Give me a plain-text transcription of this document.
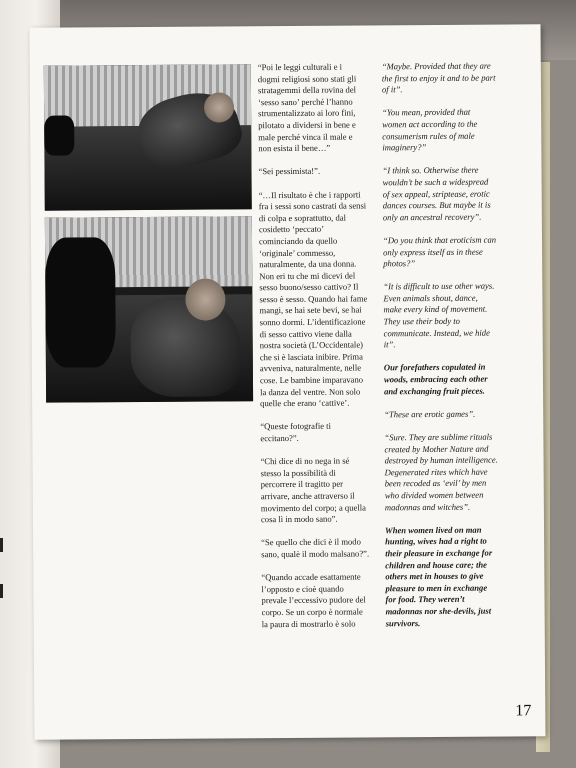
“Poi le leggi culturali e i dogmi religiosi sono stati gli stratagemmi della rovina del ‘sesso sano’ perché l’hanno strumentalizzato ai loro fini, pilotato a dividersi in bene e male perché vinca il male e non esista il bene…”

“Sei pessimista!”.

“…Il risultato è che i rapporti fra i sessi sono castrati da sensi di colpa e soprattutto, dal cosidetto ‘peccato’ cominciando da quello ‘originale’ commesso, naturalmente, da una donna. Non eri tu che mi dicevi del sesso buono/sesso cattivo? Il sesso è sesso. Quando hai fame mangi, se hai sete bevi, se hai sonno dormi. L’identificazione di sesso cattivo viene dalla nostra società (L’Occidentale) che si è lasciata inibire. Prima avveniva, naturalmente, nelle cose. Le bambine imparavano la danza del ventre. Non solo quelle che erano ‘cattive’.

“Queste fotografie ti eccitano?”.

“Chi dice di no nega in sé stesso la possibilità di percorrere il tragitto per arrivare, anche attraverso il movimento del corpo; a quella cosa lì in modo sano”.

“Se quello che dici è il modo sano, qualè il modo malsano?”.

“Quando accade esattamente l’opposto e cioè quando prevale l’eccessivo pudore del corpo. Se un corpo è normale la paura di mostrarlo è solo

“Maybe. Provided that they are the first to enjoy it and to be part of it”.

“You mean, provided that women act according to the consumerism rules of male imaginery?”

“I think so. Otherwise there wouldn’t be such a widespread of sex appeal, striptease, erotic dances courses. But maybe it is only an ancestral recovery”.

“Do you think that eroticism can only express itself as in these photos?”

“It is difficult to use other ways. Even animals shout, dance, make every kind of movement. They use their body to communicate. Instead, we hide it”.

Our forefathers copulated in woods, embracing each other and exchanging fruit pieces.

“These are erotic games”.

“Sure. They are sublime rituals created by Mother Nature and destroyed by human intelligence. Degenerated rites which have been recoded as ‘evil’ by men who divided women between madonnas and witches”.

When women lived on man hunting, wives had a right to their pleasure in exchange for children and house care; the others met in houses to give pleasure to men in exchange for food. They weren’t madonnas nor she-devils, just survivors.

17
